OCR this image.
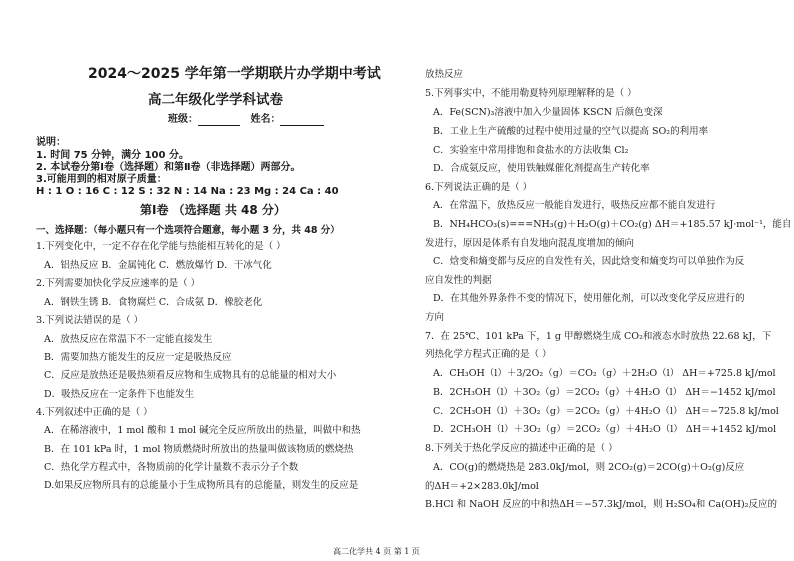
2024～2025 学年第一学期联片办学期中考试
高二年级化学学科试卷
班级：	姓名：
说明：
1. 时间 75 分钟，满分 100 分。
2. 本试卷分第Ⅰ卷（选择题）和第Ⅱ卷（非选择题）两部分。
3.可能用到的相对原子质量：
H : 1 O : 16 C : 12 S : 32 N : 14 Na : 23 Mg : 24 Ca : 40
第Ⅰ卷 （选择题 共 48 分）
一、选择题：（每小题只有一个选项符合题意，每小题 3 分，共 48 分）
1.下列变化中，一定不存在化学能与热能相互转化的是（ ）
A．铝热反应 B．金属钝化 C．燃放爆竹 D．干冰气化
2.下列需要加快化学反应速率的是（ ）
A．钢铁生锈 B．食物腐烂 C．合成氨 D．橡胶老化
3.下列说法错误的是（ ）
A．放热反应在常温下不一定能直接发生
B．需要加热方能发生的反应一定是吸热反应
C．反应是放热还是吸热须看反应物和生成物具有的总能量的相对大小
D．吸热反应在一定条件下也能发生
4.下列叙述中正确的是（ ）
A．在稀溶液中，1 mol 酸和 1 mol 碱完全反应所放出的热量，叫做中和热
B．在 101 kPa 时，1 mol 物质燃烧时所放出的热量叫做该物质的燃烧热
C．热化学方程式中，各物质前的化学计量数不表示分子个数
D.如果反应物所具有的总能量小于生成物所具有的总能量，则发生的反应是
放热反应
5.下列事实中，不能用勒夏特列原理解释的是（ ）
A．Fe(SCN)₃溶液中加入少量固体 KSCN 后颜色变深
B．工业上生产硫酸的过程中使用过量的空气以提高 SO₂的利用率
C．实验室中常用排饱和食盐水的方法收集 Cl₂
D．合成氨反应，使用铁触媒催化剂提高生产转化率
6.下列说法正确的是（ ）
A．在常温下，放热反应一般能自发进行，吸热反应都不能自发进行
B．NH₄HCO₃(s)===NH₃(g)＋H₂O(g)＋CO₂(g) ΔH＝+185.57 kJ·mol⁻¹，能自
发进行，原因是体系有自发地向混乱度增加的倾向
C．焓变和熵变都与反应的自发性有关，因此焓变和熵变均可以单独作为反
应自发性的判据
D．在其他外界条件不变的情况下，使用催化剂，可以改变化学反应进行的
方向
7．在 25℃、101 kPa 下，1 g 甲醇燃烧生成 CO₂和液态水时放热 22.68 kJ，下
列热化学方程式正确的是（ ）
A．CH₃OH（l）＋3/2O₂（g）＝CO₂（g）＋2H₂O（l） ΔH＝+725.8 kJ/mol
B．2CH₃OH（l）＋3O₂（g）＝2CO₂（g）＋4H₂O（l） ΔH＝−1452 kJ/mol
C．2CH₃OH（l）＋3O₂（g）＝2CO₂（g）＋4H₂O（l） ΔH＝−725.8 kJ/mol
D．2CH₃OH（l）＋3O₂（g）＝2CO₂（g）＋4H₂O（l） ΔH＝+1452 kJ/mol
8.下列关于热化学反应的描述中正确的是（ ）
A．CO(g)的燃烧热是 283.0kJ/mol，则 2CO₂(g)＝2CO(g)＋O₂(g)反应
的ΔH＝+2×283.0kJ/mol
B.HCl 和 NaOH 反应的中和热ΔH＝−57.3kJ/mol，则 H₂SO₄和 Ca(OH)₂反应的
高二化学共 4 页 第 1 页
